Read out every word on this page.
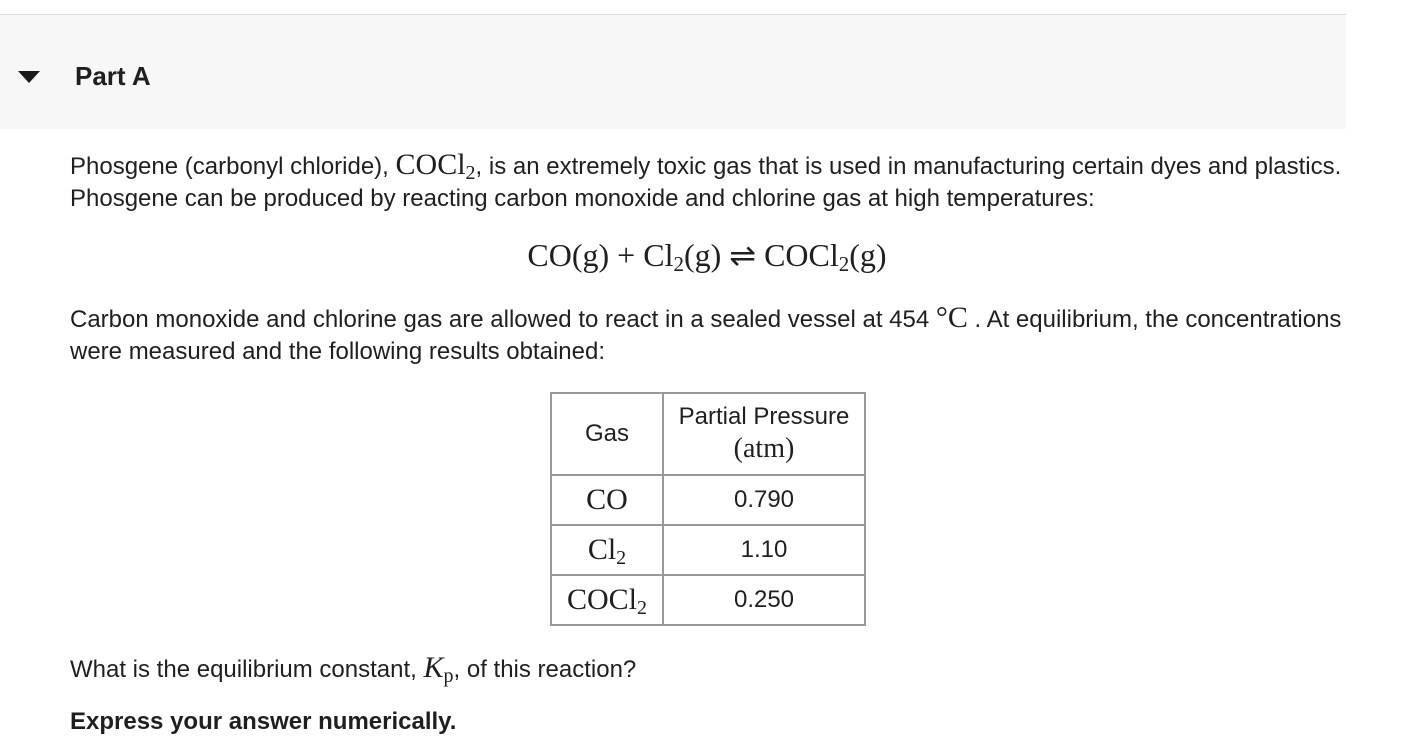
Part A
Phosgene (carbonyl chloride), COCl$_2$, is an extremely toxic gas that is used in manufacturing certain dyes and plastics. Phosgene can be produced by reacting carbon monoxide and chlorine gas at high temperatures:
$CO(g) + Cl_2(g)$ ⇌ COCl$_2$(g)
Carbon monoxide and chlorine gas are allowed to react in a sealed vessel at 454 °C . At equilibrium, the concentrations were measured and the following results obtained:
Gas	Partial Pressure
(atm)

CO	0.790
$Cl_2$	1.10
COCl$_2$	0.250
What is the equilibrium constant, $K_p$, of this reaction?
Express your answer numerically.
